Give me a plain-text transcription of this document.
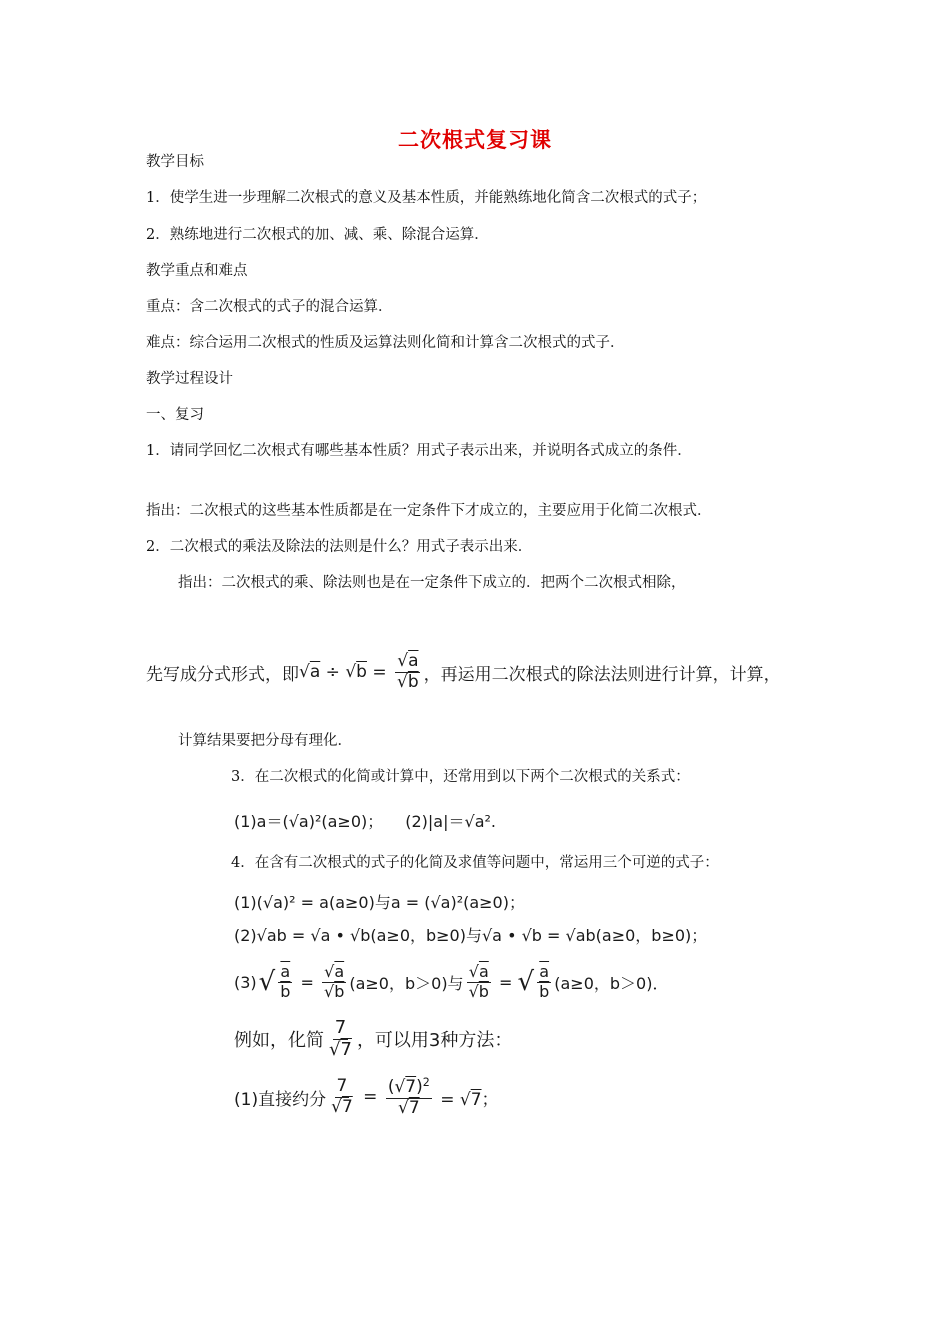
二次根式复习课
教学目标
1．使学生进一步理解二次根式的意义及基本性质，并能熟练地化简含二次根式的式子；
2．熟练地进行二次根式的加、减、乘、除混合运算．
教学重点和难点
重点：含二次根式的式子的混合运算．
难点：综合运用二次根式的性质及运算法则化简和计算含二次根式的式子．
教学过程设计
一、复习
1．请同学回忆二次根式有哪些基本性质？用式子表示出来，并说明各式成立的条件．
指出：二次根式的这些基本性质都是在一定条件下才成立的，主要应用于化简二次根式．
2．二次根式的乘法及除法的法则是什么？用式子表示出来．
指出：二次根式的乘、除法则也是在一定条件下成立的．把两个二次根式相除，
先写成分式形式，即 $√a \div √b = \frac{√a}{√b}$ ，再运用二次根式的除法法则进行计算，计算，
计算结果要把分母有理化．
3．在二次根式的化简或计算中，还常用到以下两个二次根式的关系式：
(1)a＝(√a)²(a≥0)； (2)|a|＝√a².
4．在含有二次根式的式子的化简及求值等问题中，常运用三个可逆的式子：
(1)(√a)² = a(a≥0)与a = (√a)²(a≥0)；
(2)√ab = √a • √b(a≥0，b≥0)与√a • √b = √ab(a≥0，b≥0)；
(3) √ $\frac{a}{b} = \frac{√a}{√b} (a\ge 0$，b＞0)与 $\frac{√a}{√b}$ = √ $\frac{a}{b} (a\ge 0$，b＞0)．
例如，化简 $\frac{7}{√7}$ ，可以用3种方法：
(1)直接约分 $\frac{7}{√7} = \frac{(√7)^2}{√7} = √7$；
